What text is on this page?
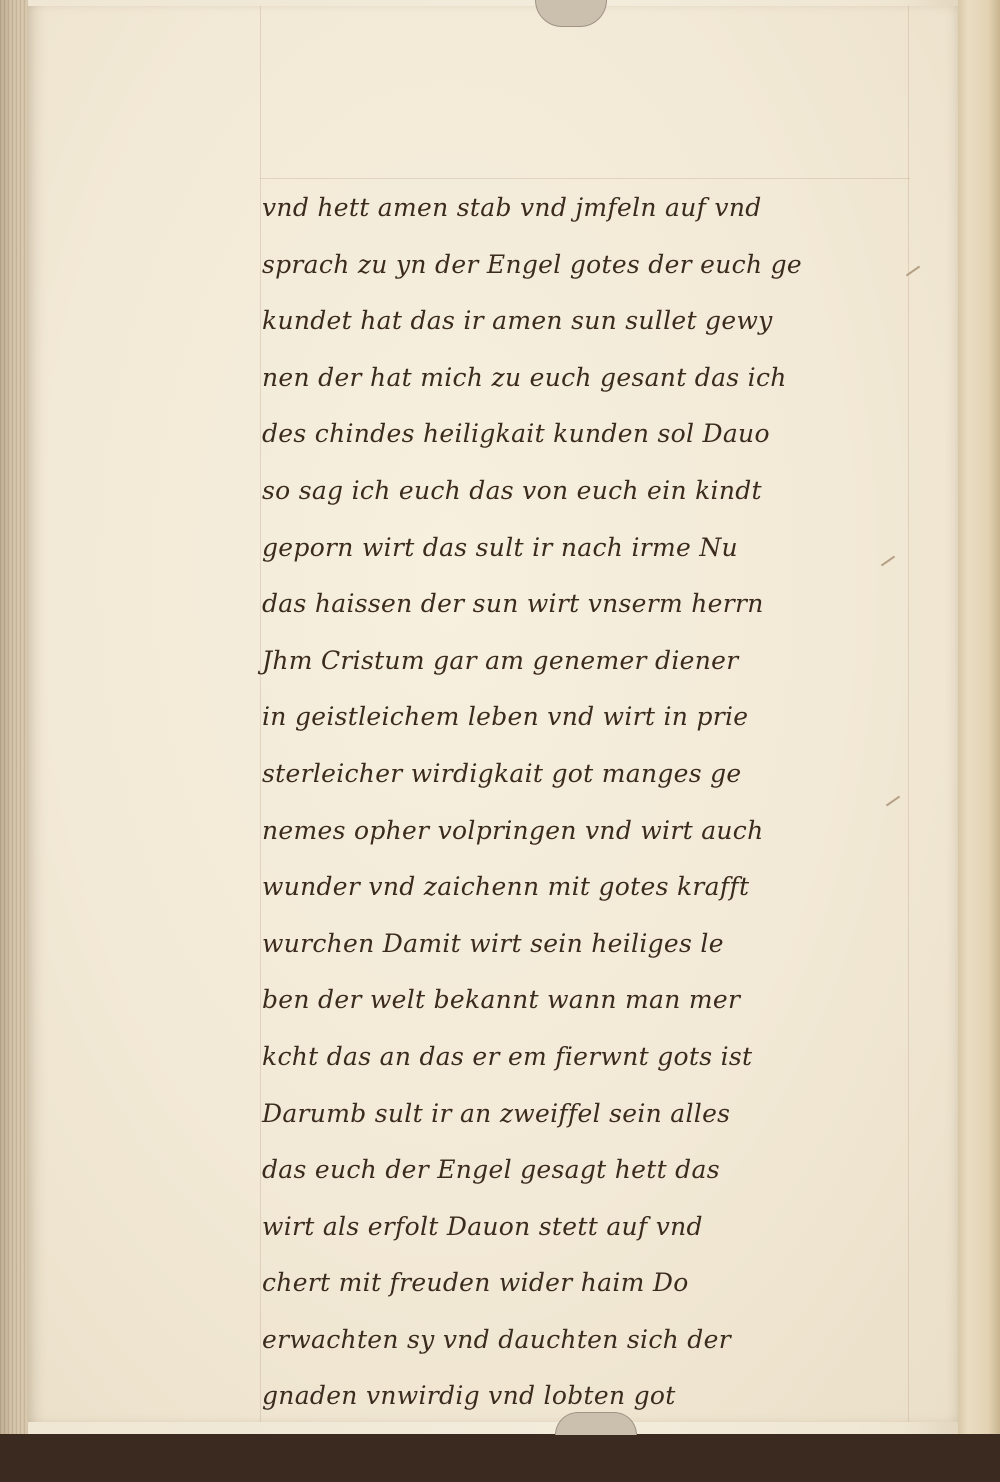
vnd hett amen stab vnd jmfeln auf vnd
sprach zu yn der Engel gotes der euch ge
kundet hat das ir amen sun sullet gewy
nen der hat mich zu euch gesant das ich
des chindes heiligkait kunden sol Dauo
so sag ich euch das von euch ein kindt
geporn wirt das sult ir nach irme Nu
das haissen der sun wirt vnserm herrn
Jhm Cristum gar am genemer diener
in geistleichem leben vnd wirt in prie
sterleicher wirdigkait got manges ge
nemes opher volpringen vnd wirt auch
wunder vnd zaichenn mit gotes krafft
wurchen Damit wirt sein heiliges le
ben der welt bekannt wann man mer
kcht das an das er em fierwnt gots ist
Darumb sult ir an zweiffel sein alles
das euch der Engel gesagt hett das
wirt als erfolt Dauon stett auf vnd
chert mit freuden wider haim Do
erwachten sy vnd dauchten sich der
gnaden vnwirdig vnd lobten got
vnd dankchten im seiner grossen parm
